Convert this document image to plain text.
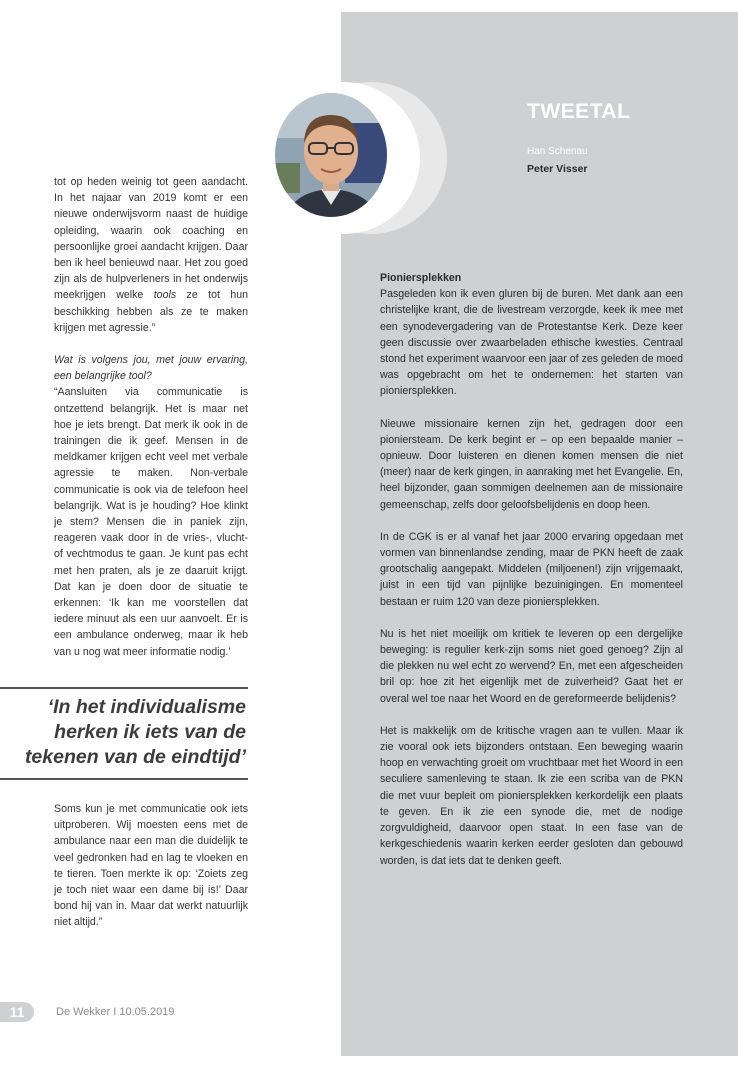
TWEETAL
Han Schenau
Peter Visser

tot op heden weinig tot geen aandacht. In het najaar van 2019 komt er een nieuwe onderwijsvorm naast de huidige opleiding, waarin ook coaching en persoonlijke groei aandacht krijgen. Daar ben ik heel benieuwd naar. Het zou goed zijn als de hulpverleners in het onderwijs meekrijgen welke tools ze tot hun beschikking hebben als ze te maken krijgen met agressie.”

Wat is volgens jou, met jouw ervaring, een belangrijke tool?

“Aansluiten via communicatie is ontzettend belangrijk. Het is maar net hoe je iets brengt. Dat merk ik ook in de trainingen die ik geef. Mensen in de meldkamer krijgen echt veel met verbale agressie te maken. Non-verbale communicatie is ook via de telefoon heel belangrijk. Wat is je houding? Hoe klinkt je stem? Mensen die in paniek zijn, reageren vaak door in de vries-, vlucht- of vechtmodus te gaan. Je kunt pas echt met hen praten, als je ze daaruit krijgt. Dat kan je doen door de situatie te erkennen: ‘Ik kan me voorstellen dat iedere minuut als een uur aanvoelt. Er is een ambulance onderweg, maar ik heb van u nog wat meer informatie nodig.’

‘In het individualisme herken ik iets van de tekenen van de eindtijd’

Soms kun je met communicatie ook iets uitproberen. Wij moesten eens met de ambulance naar een man die duidelijk te veel gedronken had en lag te vloeken en te tieren. Toen merkte ik op: ‘Zoiets zeg je toch niet waar een dame bij is!’ Daar bond hij van in. Maar dat werkt natuurlijk niet altijd.”

Pioniersplekken

Pasgeleden kon ik even gluren bij de buren. Met dank aan een christelijke krant, die de livestream verzorgde, keek ik mee met een synodevergadering van de Protestantse Kerk. Deze keer geen discussie over zwaarbeladen ethische kwesties. Centraal stond het experiment waarvoor een jaar of zes geleden de moed was opgebracht om het te ondernemen: het starten van pioniersplekken.

Nieuwe missionaire kernen zijn het, gedragen door een pioniersteam. De kerk begint er – op een bepaalde manier – opnieuw. Door luisteren en dienen komen mensen die niet (meer) naar de kerk gingen, in aanraking met het Evangelie. En, heel bijzonder, gaan sommigen deelnemen aan de missionaire gemeenschap, zelfs door geloofsbelijdenis en doop heen.

In de CGK is er al vanaf het jaar 2000 ervaring opgedaan met vormen van binnenlandse zending, maar de PKN heeft de zaak grootschalig aangepakt. Middelen (miljoenen!) zijn vrijgemaakt, juist in een tijd van pijnlijke bezuinigingen. En momenteel bestaan er ruim 120 van deze pioniersplekken.

Nu is het niet moeilijk om kritiek te leveren op een dergelijke beweging: is regulier kerk-zijn soms niet goed genoeg? Zijn al die plekken nu wel echt zo wervend? En, met een afgescheiden bril op: hoe zit het eigenlijk met de zuiverheid? Gaat het er overal wel toe naar het Woord en de gereformeerde belijdenis?

Het is makkelijk om de kritische vragen aan te vullen. Maar ik zie vooral ook iets bijzonders ontstaan. Een beweging waarin hoop en verwachting groeit om vruchtbaar met het Woord in een seculiere samenleving te staan. Ik zie een scriba van de PKN die met vuur bepleit om pioniersplekken kerkordelijk een plaats te geven. En ik zie een synode die, met de nodige zorgvuldigheid, daarvoor open staat. In een fase van de kerkgeschiedenis waarin kerken eerder gesloten dan gebouwd worden, is dat iets dat te denken geeft.

11	De Wekker I 10.05.2019
